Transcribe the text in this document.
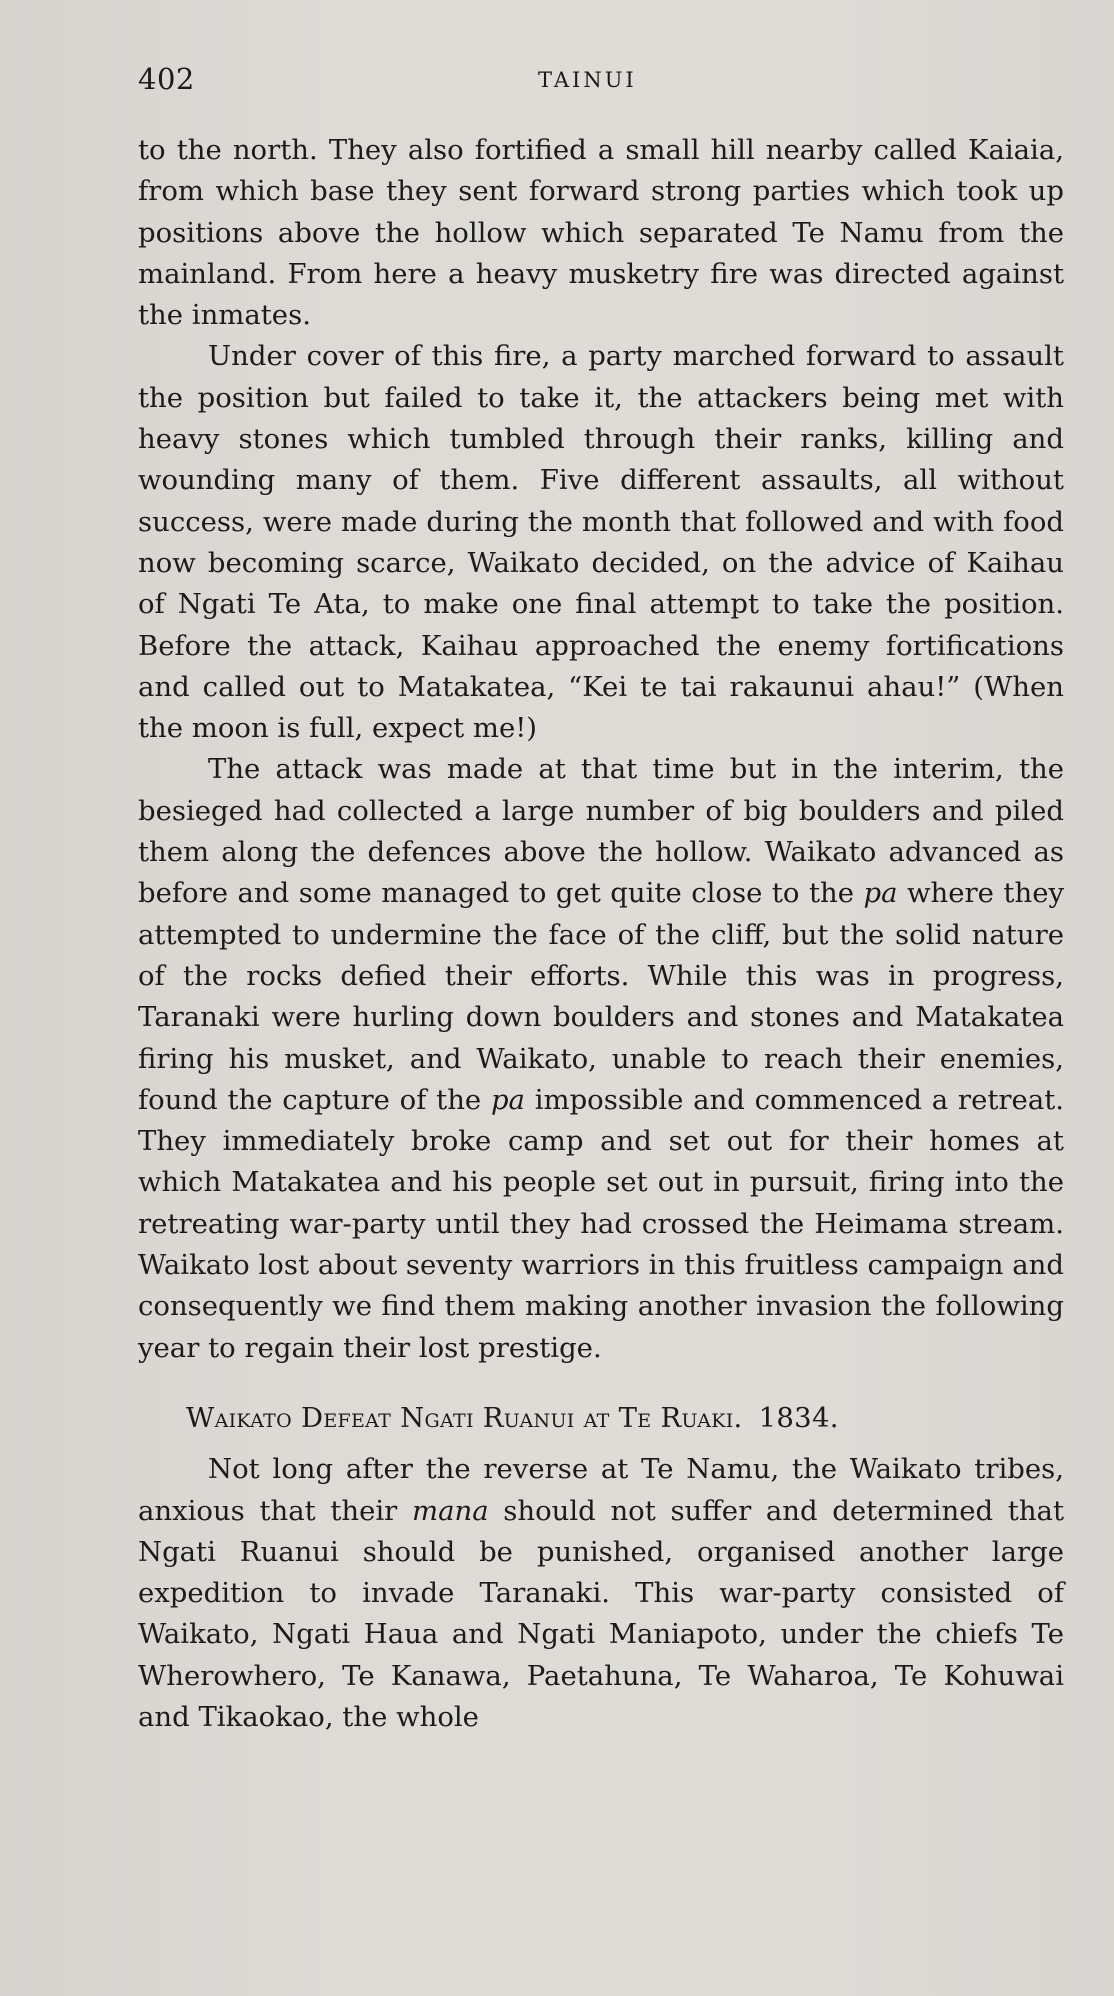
402	TAINUI

to the north. They also fortified a small hill nearby called Kaiaia, from which base they sent forward strong parties which took up positions above the hollow which separated Te Namu from the mainland. From here a heavy musketry fire was directed against the inmates.

Under cover of this fire, a party marched forward to assault the position but failed to take it, the attackers being met with heavy stones which tumbled through their ranks, killing and wounding many of them. Five different assaults, all without success, were made during the month that followed and with food now becoming scarce, Waikato decided, on the advice of Kaihau of Ngati Te Ata, to make one final attempt to take the position. Before the attack, Kaihau approached the enemy fortifications and called out to Matakatea, “Kei te tai rakaunui ahau!” (When the moon is full, expect me!)

The attack was made at that time but in the interim, the besieged had collected a large number of big boulders and piled them along the defences above the hollow. Waikato advanced as before and some managed to get quite close to the pa where they attempted to undermine the face of the cliff, but the solid nature of the rocks defied their efforts. While this was in progress, Taranaki were hurling down boulders and stones and Matakatea firing his musket, and Waikato, unable to reach their enemies, found the capture of the pa impossible and commenced a retreat. They immediately broke camp and set out for their homes at which Matakatea and his people set out in pursuit, firing into the retreating war-party until they had crossed the Heimama stream. Waikato lost about seventy warriors in this fruitless campaign and consequently we find them making another invasion the following year to regain their lost prestige.

Waikato Defeat Ngati Ruanui at Te Ruaki. 1834.

Not long after the reverse at Te Namu, the Waikato tribes, anxious that their mana should not suffer and determined that Ngati Ruanui should be punished, organised another large expedition to invade Taranaki. This war-party consisted of Waikato, Ngati Haua and Ngati Maniapoto, under the chiefs Te Wherowhero, Te Kanawa, Paetahuna, Te Waharoa, Te Kohuwai and Tikaokao, the whole
